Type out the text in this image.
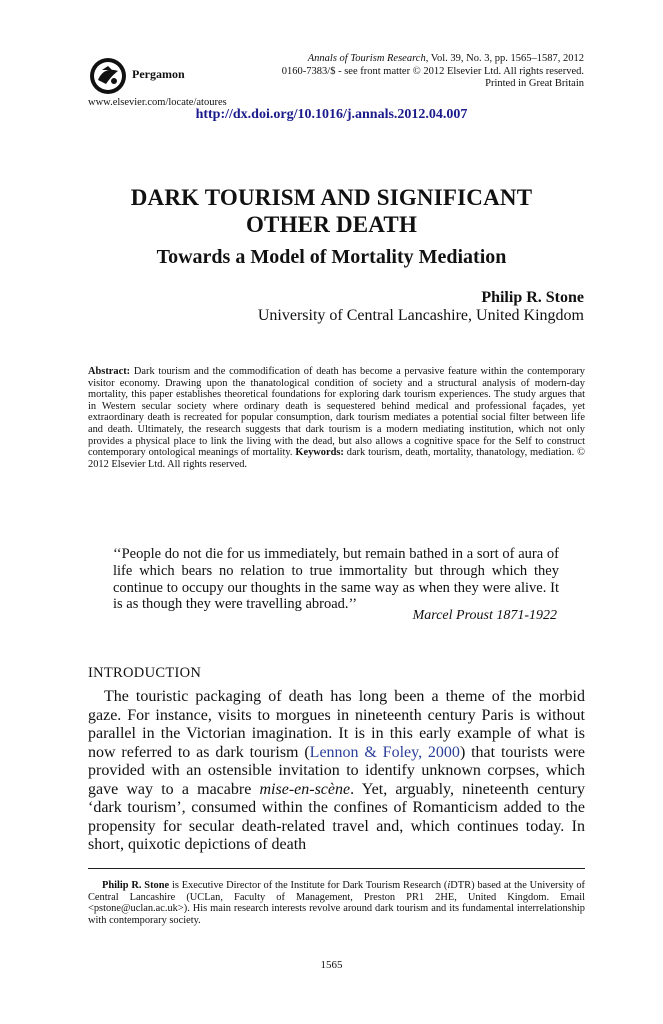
Pergamon
www.elsevier.com/locate/atoures
Annals of Tourism Research, Vol. 39, No. 3, pp. 1565–1587, 2012
0160-7383/$ - see front matter © 2012 Elsevier Ltd. All rights reserved.
Printed in Great Britain
http://dx.doi.org/10.1016/j.annals.2012.04.007
DARK TOURISM AND SIGNIFICANT
OTHER DEATH
Towards a Model of Mortality Mediation
Philip R. Stone
University of Central Lancashire, United Kingdom
Abstract: Dark tourism and the commodification of death has become a pervasive feature within the contemporary visitor economy. Drawing upon the thanatological condition of society and a structural analysis of modern-day mortality, this paper establishes theoretical foundations for exploring dark tourism experiences. The study argues that in Western secular society where ordinary death is sequestered behind medical and professional façades, yet extraordinary death is recreated for popular consumption, dark tourism mediates a potential social filter between life and death. Ultimately, the research suggests that dark tourism is a modern mediating institution, which not only provides a physical place to link the living with the dead, but also allows a cognitive space for the Self to construct contemporary ontological meanings of mortality. Keywords: dark tourism, death, mortality, thanatology, mediation. © 2012 Elsevier Ltd. All rights reserved.
‘‘People do not die for us immediately, but remain bathed in a sort of aura of life which bears no relation to true immortality but through which they continue to occupy our thoughts in the same way as when they were alive. It is as though they were travelling abroad.’’
Marcel Proust 1871-1922
INTRODUCTION
The touristic packaging of death has long been a theme of the morbid gaze. For instance, visits to morgues in nineteenth century Paris is without parallel in the Victorian imagination. It is in this early example of what is now referred to as dark tourism (Lennon & Foley, 2000) that tourists were provided with an ostensible invitation to identify unknown corpses, which gave way to a macabre mise-en-scène. Yet, arguably, nineteenth century ‘dark tourism’, consumed within the confines of Romanticism added to the propensity for secular death-related travel and, which continues today. In short, quixotic depictions of death
Philip R. Stone is Executive Director of the Institute for Dark Tourism Research (iDTR) based at the University of Central Lancashire (UCLan, Faculty of Management, Preston PR1 2HE, United Kingdom. Email <pstone@uclan.ac.uk>). His main research interests revolve around dark tourism and its fundamental interrelationship with contemporary society.
1565
